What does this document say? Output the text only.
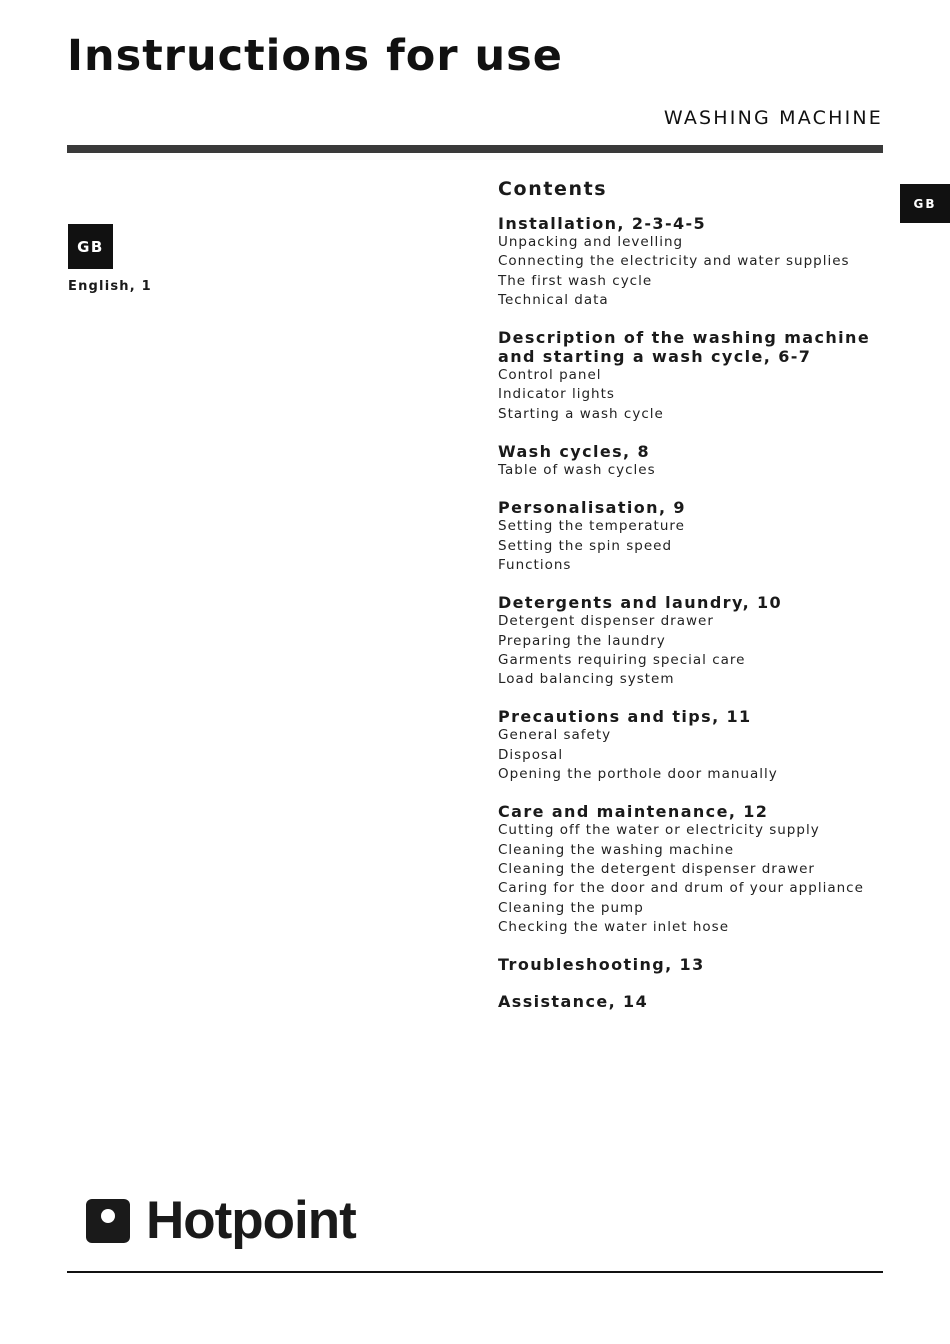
Instructions for use
WASHING MACHINE
GB
English, 1
GB
Contents
Installation, 2-3-4-5
Unpacking and levelling
Connecting the electricity and water supplies
The first wash cycle
Technical data
Description of the washing machine
and starting a wash cycle, 6-7
Control panel
Indicator lights
Starting a wash cycle
Wash cycles, 8
Table of wash cycles
Personalisation, 9
Setting the temperature
Setting the spin speed
Functions
Detergents and laundry, 10
Detergent dispenser drawer
Preparing the laundry
Garments requiring special care
Load balancing system
Precautions and tips, 11
General safety
Disposal
Opening the porthole door manually
Care and maintenance, 12
Cutting off the water or electricity supply
Cleaning the washing machine
Cleaning the detergent dispenser drawer
Caring for the door and drum of your appliance
Cleaning the pump
Checking the water inlet hose
Troubleshooting, 13
Assistance, 14
Hotpoint
